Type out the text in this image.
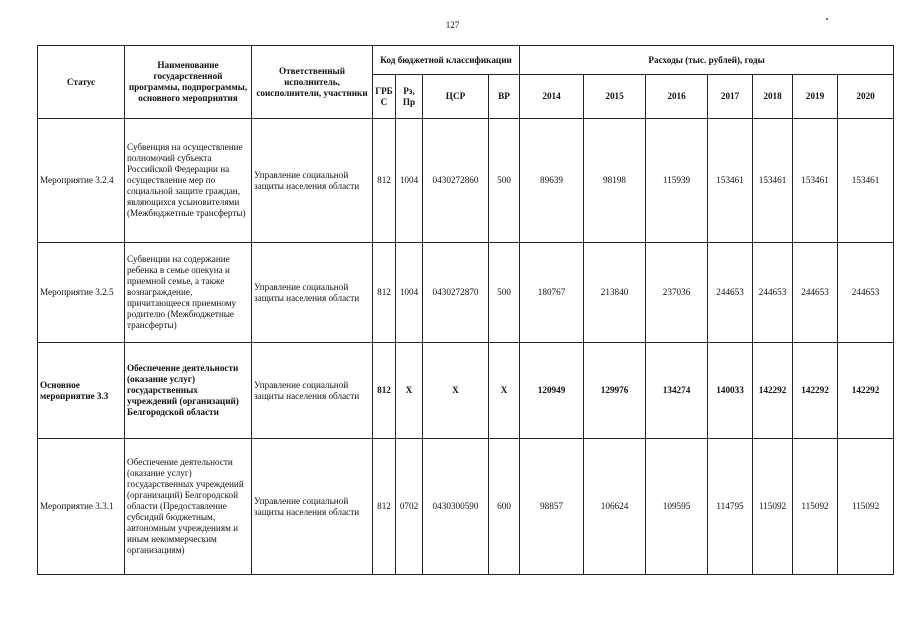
127
Статус	Наименование государственной программы, подпрограммы, основного мероприятия	Ответственный исполнитель, соисполнители, участники	Код бюджетной классификации				Расходы (тыс. рублей), годы						
			ГРБ С	Рз, Пр	ЦСР	ВР	2014	2015	2016	2017	2018	2019	2020
Мероприятие 3.2.4	Субвенция на осуществление полномочий субъекта Российской Федерации на осуществление мер по социальной защите граждан, являющихся усыновителями (Межбюджетные трансферты)	Управление социальной защиты населения области	812	1004	0430272860	500	89639	98198	115939	153461	153461	153461	153461
Мероприятие 3.2.5	Субвенции на содержание ребенка в семье опекуна и приемной семье, а также вознаграждение, причитающееся приемному родителю (Межбюджетные трансферты)	Управление социальной защиты населения области	812	1004	0430272870	500	180767	213840	237036	244653	244653	244653	244653
Основное мероприятие 3.3	Обеспечение деятельности (оказание услуг) государственных учреждений (организаций) Белгородской области	Управление социальной защиты населения области	812	X	X	X	120949	129976	134274	140033	142292	142292	142292
Мероприятие 3.3.1	Обеспечение деятельности (оказание услуг) государственных учреждений (организаций) Белгородской области (Предоставление субсидий бюджетным, автономным учреждениям и иным некоммерческим организациям)	Управление социальной защиты населения области	812	0702	0430300590	600	98857	106624	109595	114795	115092	115092	115092
